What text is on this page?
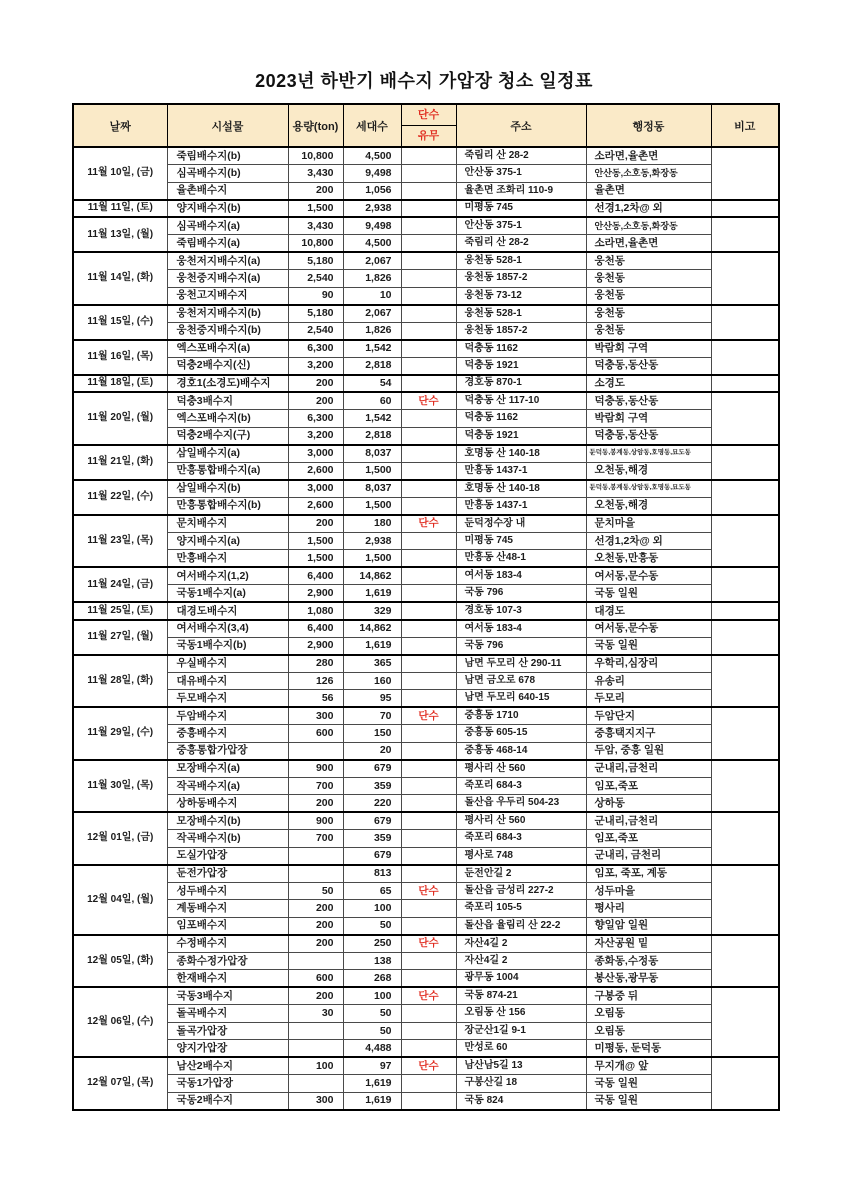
2023년 하반기 배수지 가압장 청소 일정표
날짜	시설물	용량(ton)	세대수	단수
유무	주소	행정동	비고
11월 10일, (금)	죽림배수지(b)	10,800	4,500		죽림리 산 28-2	소라면,율촌면	
	심곡배수지(b)	3,430	9,498		안산동 375-1	안산동,소호동,화장동	
	율촌배수지	200	1,056		율촌면 조화리 110-9	율촌면	
11월 11일, (토)	양지배수지(b)	1,500	2,938		미평동 745	선경1,2차@ 외	
11월 13일, (월)	심곡배수지(a)	3,430	9,498		안산동 375-1	안산동,소호동,화장동	
	죽림배수지(a)	10,800	4,500		죽림리 산 28-2	소라면,율촌면	
11월 14일, (화)	웅천저지배수지(a)	5,180	2,067		웅천동 528-1	웅천동	
	웅천중지배수지(a)	2,540	1,826		웅천동 1857-2	웅천동	
	웅천고지배수지	90	10		웅천동 73-12	웅천동	
11월 15일, (수)	웅천저지배수지(b)	5,180	2,067		웅천동 528-1	웅천동	
	웅천중지배수지(b)	2,540	1,826		웅천동 1857-2	웅천동	
11월 16일, (목)	엑스포배수지(a)	6,300	1,542		덕충동 1162	박람회 구역	
	덕충2배수지(신)	3,200	2,818		덕충동 1921	덕충동,동산동	
11월 18일, (토)	경호1(소경도)배수지	200	54		경호동 870-1	소경도	
11월 20일, (월)	덕충3배수지	200	60	단수	덕충동 산 117-10	덕충동,동산동	
	엑스포배수지(b)	6,300	1,542		덕충동 1162	박람회 구역	
	덕충2배수지(구)	3,200	2,818		덕충동 1921	덕충동,동산동	
11월 21일, (화)	삼일배수지(a)	3,000	8,037		호명동 산 140-18	둔덕동,봉계동,상암동,호명동,묘도동	
	만흥통합배수지(a)	2,600	1,500		만흥동 1437-1	오천동,해경	
11월 22일, (수)	삼일배수지(b)	3,000	8,037		호명동 산 140-18	둔덕동,봉계동,상암동,호명동,묘도동	
	만흥통합배수지(b)	2,600	1,500		만흥동 1437-1	오천동,해경	
11월 23일, (목)	문치배수지	200	180	단수	둔덕정수장 내	문치마을	
	양지배수지(a)	1,500	2,938		미평동 745	선경1,2차@ 외	
	만흥배수지	1,500	1,500		만흥동 산48-1	오천동,만흥동	
11월 24일, (금)	여서배수지(1,2)	6,400	14,862		여서동 183-4	여서동,문수동	
	국동1배수지(a)	2,900	1,619		국동 796	국동 일원	
11월 25일, (토)	대경도배수지	1,080	329		경호동 107-3	대경도	
11월 27일, (월)	여서배수지(3,4)	6,400	14,862		여서동 183-4	여서동,문수동	
	국동1배수지(b)	2,900	1,619		국동 796	국동 일원	
11월 28일, (화)	우실배수지	280	365		남면 두모리 산 290-11	우학리,심장리	
	대유배수지	126	160		남면 금오로 678	유송리	
	두모배수지	56	95		남면 두모리 640-15	두모리	
11월 29일, (수)	두암배수지	300	70	단수	중흥동 1710	두암단지	
	중흥배수지	600	150		중흥동 605-15	중흥택지지구	
	중흥통합가압장		20		중흥동 468-14	두암, 중흥 일원	
11월 30일, (목)	모장배수지(a)	900	679		평사리 산 560	군내리,금천리	
	작곡배수지(a)	700	359		죽포리 684-3	임포,죽포	
	상하동배수지	200	220		돌산읍 우두리 504-23	상하동	
12월 01일, (금)	모장배수지(b)	900	679		평사리 산 560	군내리,금천리	
	작곡배수지(b)	700	359		죽포리 684-3	임포,죽포	
	도실가압장		679		평사로 748	군내리, 금천리	
12월 04일, (월)	둔전가압장		813		둔전안길 2	임포, 죽포, 계동	
	성두배수지	50	65	단수	돌산읍 금성리 227-2	성두마을	
	계동배수지	200	100		죽포리 105-5	평사리	
	임포배수지	200	50		돌산읍 율림리 산 22-2	향일암 일원	
12월 05일, (화)	수정배수지	200	250	단수	자산4길 2	자산공원 밑	
	종화수정가압장		138		자산4길 2	종화동,수정동	
	한재배수지	600	268		광무동 1004	봉산동,광무동	
12월 06일, (수)	국동3배수지	200	100	단수	국동 874-21	구봉중 뒤	
	돌곡배수지	30	50		오림동 산 156	오림동	
	돌곡가압장		50		장군산1길 9-1	오림동	
	양지가압장		4,488		만성로 60	미평동, 둔덕동	
12월 07일, (목)	남산2배수지	100	97	단수	남산남5길 13	무지개@ 앞	
	국동1가압장		1,619		구봉산길 18	국동 일원	
	국동2배수지	300	1,619		국동 824	국동 일원	
